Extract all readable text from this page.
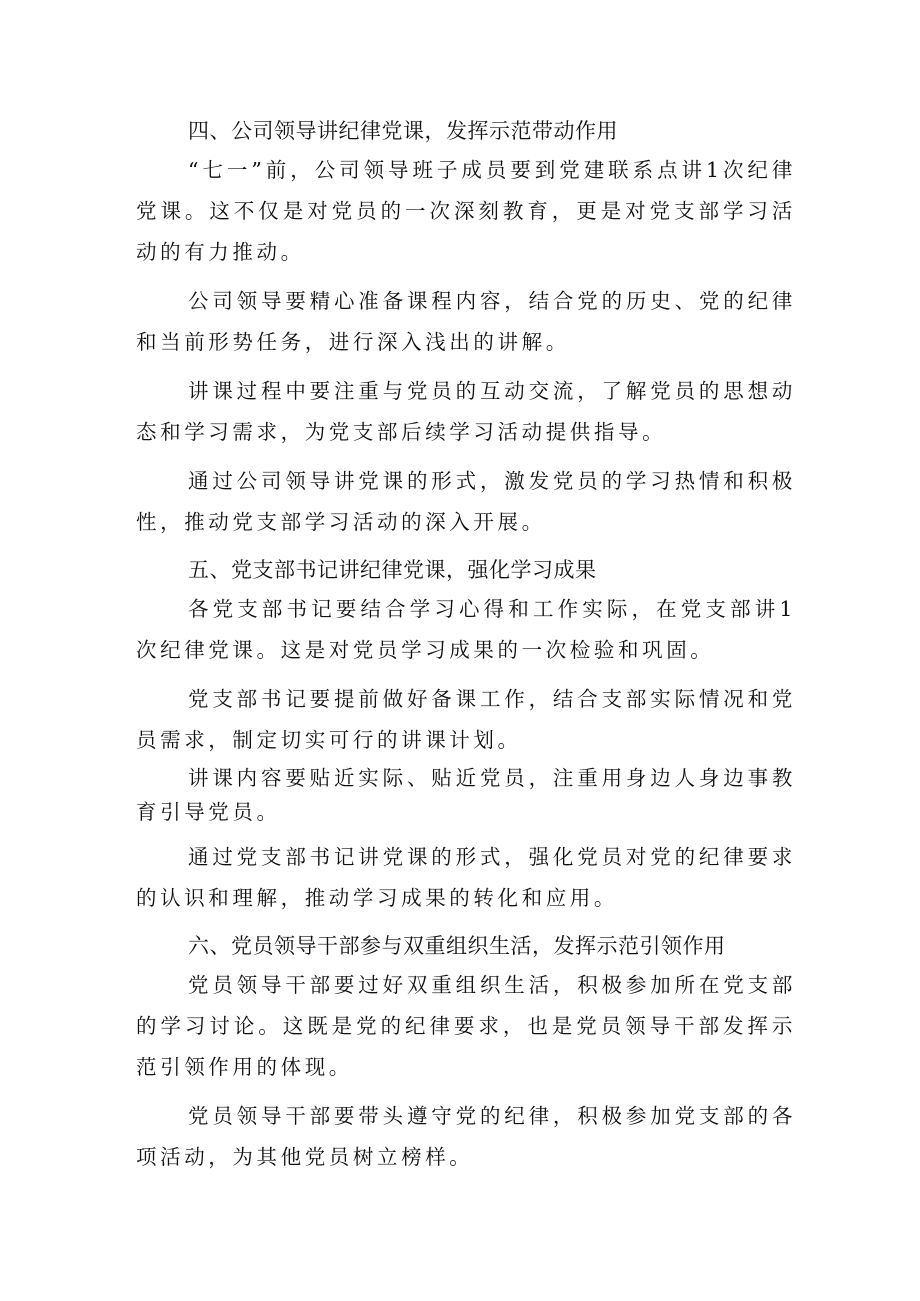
四、公司领导讲纪律党课，发挥示范带动作用

“七一”前，公司领导班子成员要到党建联系点讲1次纪律党课。这不仅是对党员的一次深刻教育，更是对党支部学习活动的有力推动。

公司领导要精心准备课程内容，结合党的历史、党的纪律和当前形势任务，进行深入浅出的讲解。

讲课过程中要注重与党员的互动交流，了解党员的思想动态和学习需求，为党支部后续学习活动提供指导。

通过公司领导讲党课的形式，激发党员的学习热情和积极性，推动党支部学习活动的深入开展。

五、党支部书记讲纪律党课，强化学习成果

各党支部书记要结合学习心得和工作实际，在党支部讲1次纪律党课。这是对党员学习成果的一次检验和巩固。

党支部书记要提前做好备课工作，结合支部实际情况和党员需求，制定切实可行的讲课计划。

讲课内容要贴近实际、贴近党员，注重用身边人身边事教育引导党员。

通过党支部书记讲党课的形式，强化党员对党的纪律要求的认识和理解，推动学习成果的转化和应用。

六、党员领导干部参与双重组织生活，发挥示范引领作用

党员领导干部要过好双重组织生活，积极参加所在党支部的学习讨论。这既是党的纪律要求，也是党员领导干部发挥示范引领作用的体现。

党员领导干部要带头遵守党的纪律，积极参加党支部的各项活动，为其他党员树立榜样。
